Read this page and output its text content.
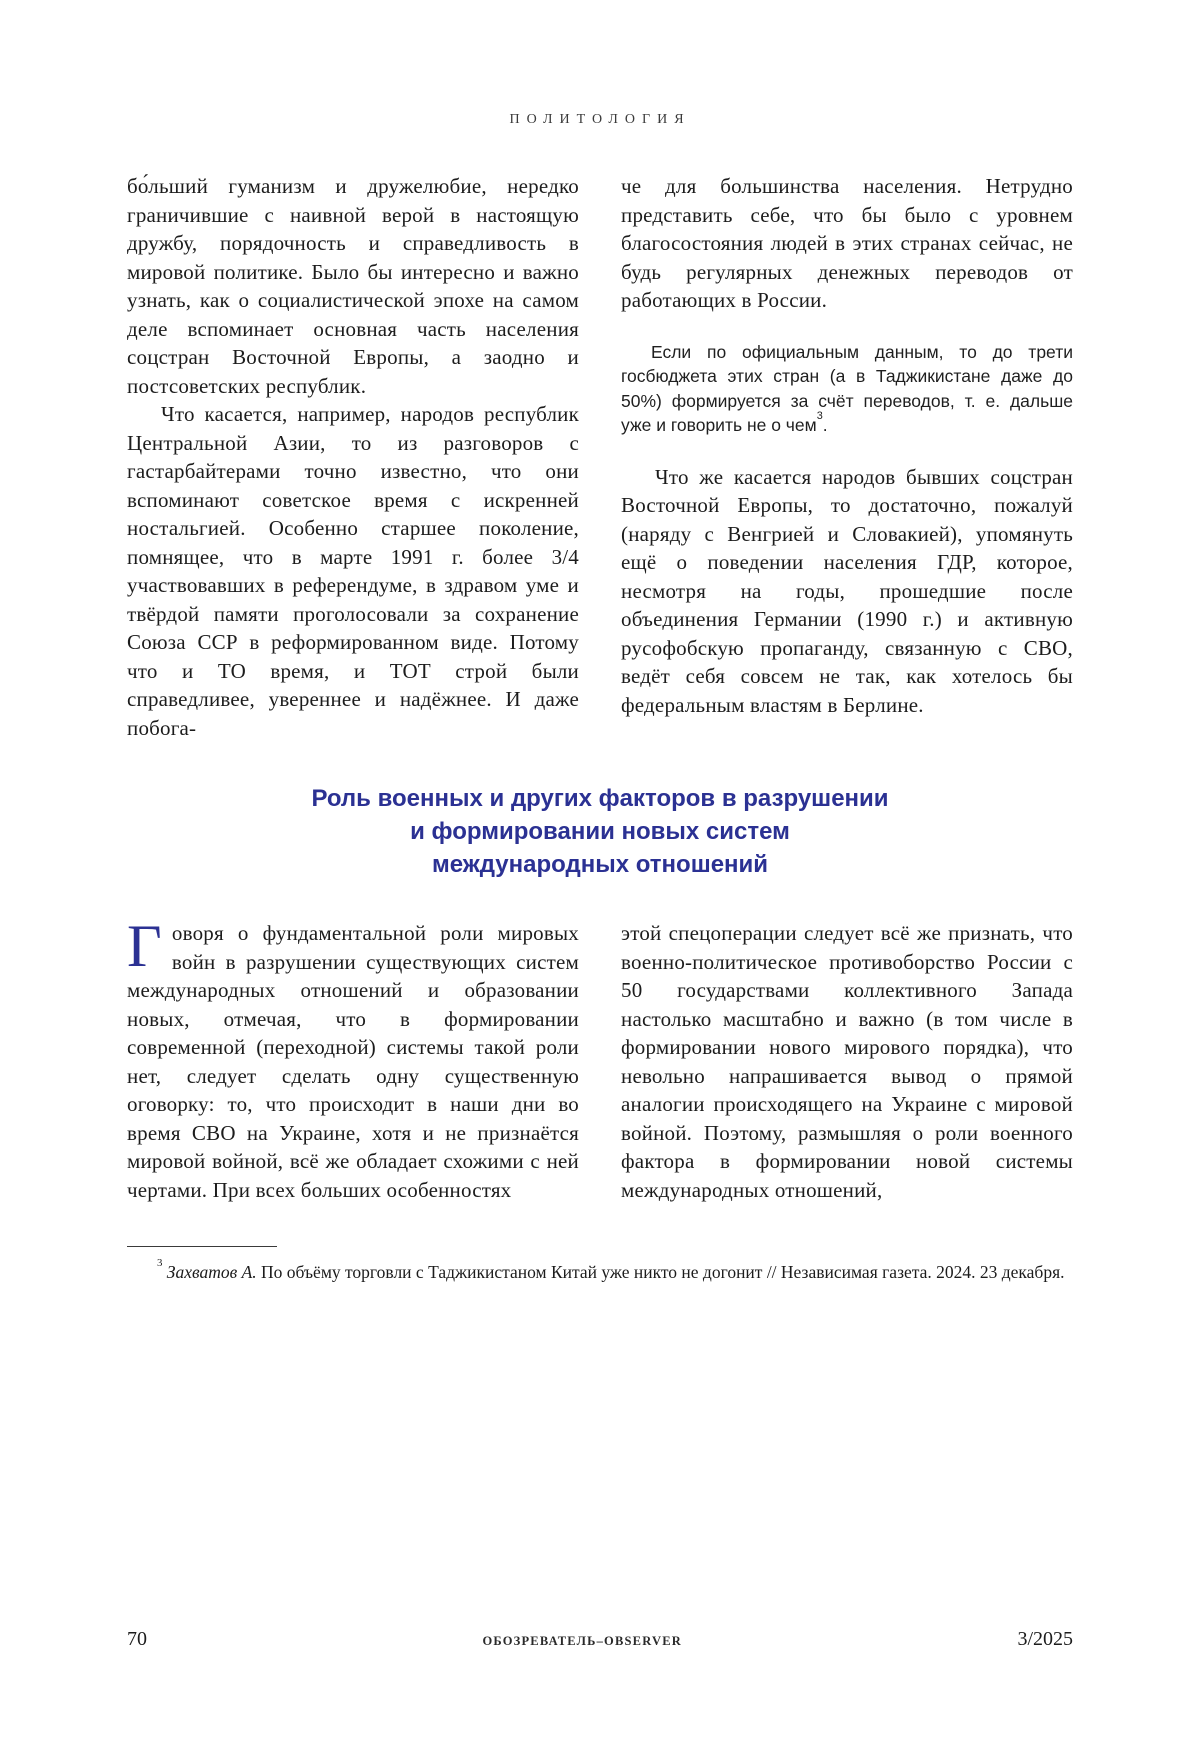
ПОЛИТОЛОГИЯ

бо́льший гуманизм и дружелюбие, нередко граничившие с наивной верой в настоящую дружбу, порядочность и справедливость в мировой политике. Было бы интересно и важно узнать, как о социалистической эпохе на самом деле вспоминает основная часть населения соцстран Восточной Европы, а заодно и постсоветских республик.

Что касается, например, народов республик Центральной Азии, то из разговоров с гастарбайтерами точно известно, что они вспоминают советское время с искренней ностальгией. Особенно старшее поколение, помнящее, что в марте 1991 г. более 3/4 участвовавших в референдуме, в здравом уме и твёрдой памяти проголосовали за сохранение Союза ССР в реформированном виде. Потому что и ТО время, и ТОТ строй были справедливее, увереннее и надёжнее. И даже побога-

че для большинства населения. Нетрудно представить себе, что бы было с уровнем благосостояния людей в этих странах сейчас, не будь регулярных денежных переводов от работающих в России.

Если по официальным данным, то до трети госбюджета этих стран (а в Таджикистане даже до 50%) формируется за счёт переводов, т. е. дальше уже и говорить не о чем$^3$.

Что же касается народов бывших соцстран Восточной Европы, то достаточно, пожалуй (наряду с Венгрией и Словакией), упомянуть ещё о поведении населения ГДР, которое, несмотря на годы, прошедшие после объединения Германии (1990 г.) и активную русофобскую пропаганду, связанную с СВО, ведёт себя совсем не так, как хотелось бы федеральным властям в Берлине.

Роль военных и других факторов в разрушении
и формировании новых систем
международных отношений

Говоря о фундаментальной роли мировых войн в разрушении существующих систем международных отношений и образовании новых, отмечая, что в формировании современной (переходной) системы такой роли нет, следует сделать одну существенную оговорку: то, что происходит в наши дни во время СВО на Украине, хотя и не признаётся мировой войной, всё же обладает схожими с ней чертами. При всех больших особенностях

этой спецоперации следует всё же признать, что военно-политическое противоборство России с 50 государствами коллективного Запада настолько масштабно и важно (в том числе в формировании нового мирового порядка), что невольно напрашивается вывод о прямой аналогии происходящего на Украине с мировой войной. Поэтому, размышляя о роли военного фактора в формировании новой системы международных отношений,

$^3$ Захватов А. По объёму торговли с Таджикистаном Китай уже никто не догонит // Независимая газета. 2024. 23 декабря.

70	ОБОЗРЕВАТЕЛЬ–OBSERVER	3/2025
